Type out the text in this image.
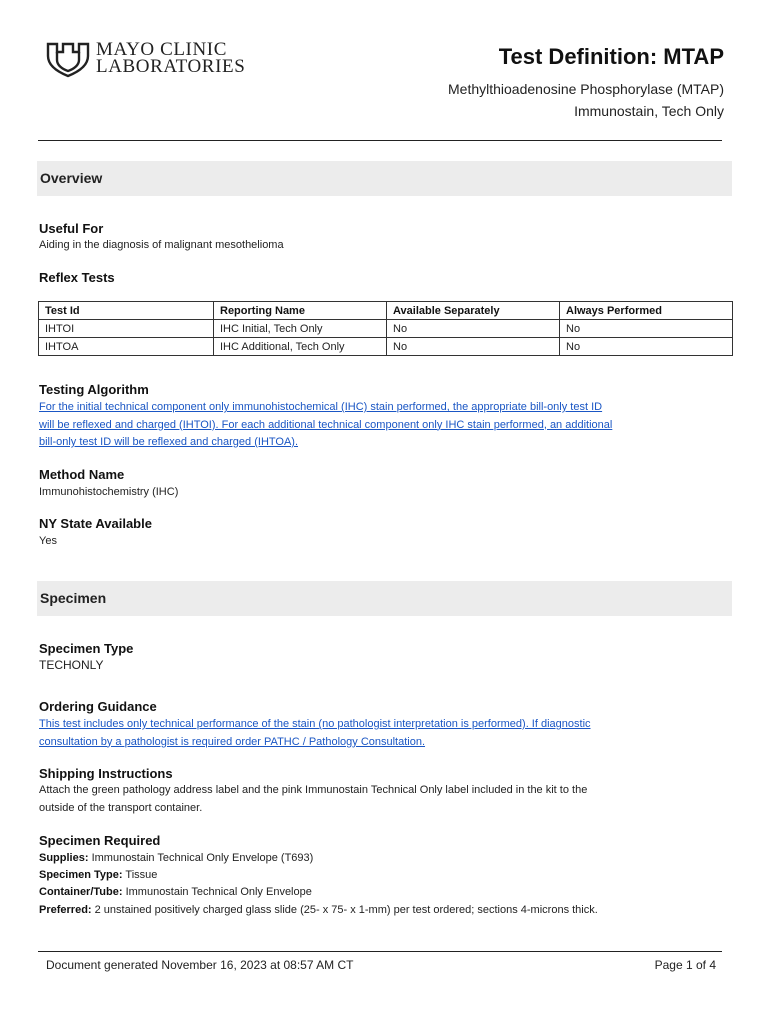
MAYO CLINIC
LABORATORIES	Test Definition: MTAP
Methylthioadenosine Phosphorylase (MTAP)
Immunostain, Tech Only
Overview
Useful For
Aiding in the diagnosis of malignant mesothelioma
Reflex Tests
Test Id	Reporting Name	Available Separately	Always Performed
IHTOI	IHC Initial, Tech Only	No	No
IHTOA	IHC Additional, Tech Only	No	No
Testing Algorithm
For the initial technical component only immunohistochemical (IHC) stain performed, the appropriate bill-only test ID
will be reflexed and charged (IHTOI). For each additional technical component only IHC stain performed, an additional
bill-only test ID will be reflexed and charged (IHTOA).
Method Name
Immunohistochemistry (IHC)
NY State Available
Yes
Specimen
Specimen Type
TECHONLY
Ordering Guidance
This test includes only technical performance of the stain (no pathologist interpretation is performed). If diagnostic
consultation by a pathologist is required order PATHC / Pathology Consultation.
Shipping Instructions
Attach the green pathology address label and the pink Immunostain Technical Only label included in the kit to the
outside of the transport container.
Specimen Required
Supplies: Immunostain Technical Only Envelope (T693)
Specimen Type: Tissue
Container/Tube: Immunostain Technical Only Envelope
Preferred: 2 unstained positively charged glass slide (25- x 75- x 1-mm) per test ordered; sections 4-microns thick.
Document generated November 16, 2023 at 08:57 AM CT	Page 1 of 4
